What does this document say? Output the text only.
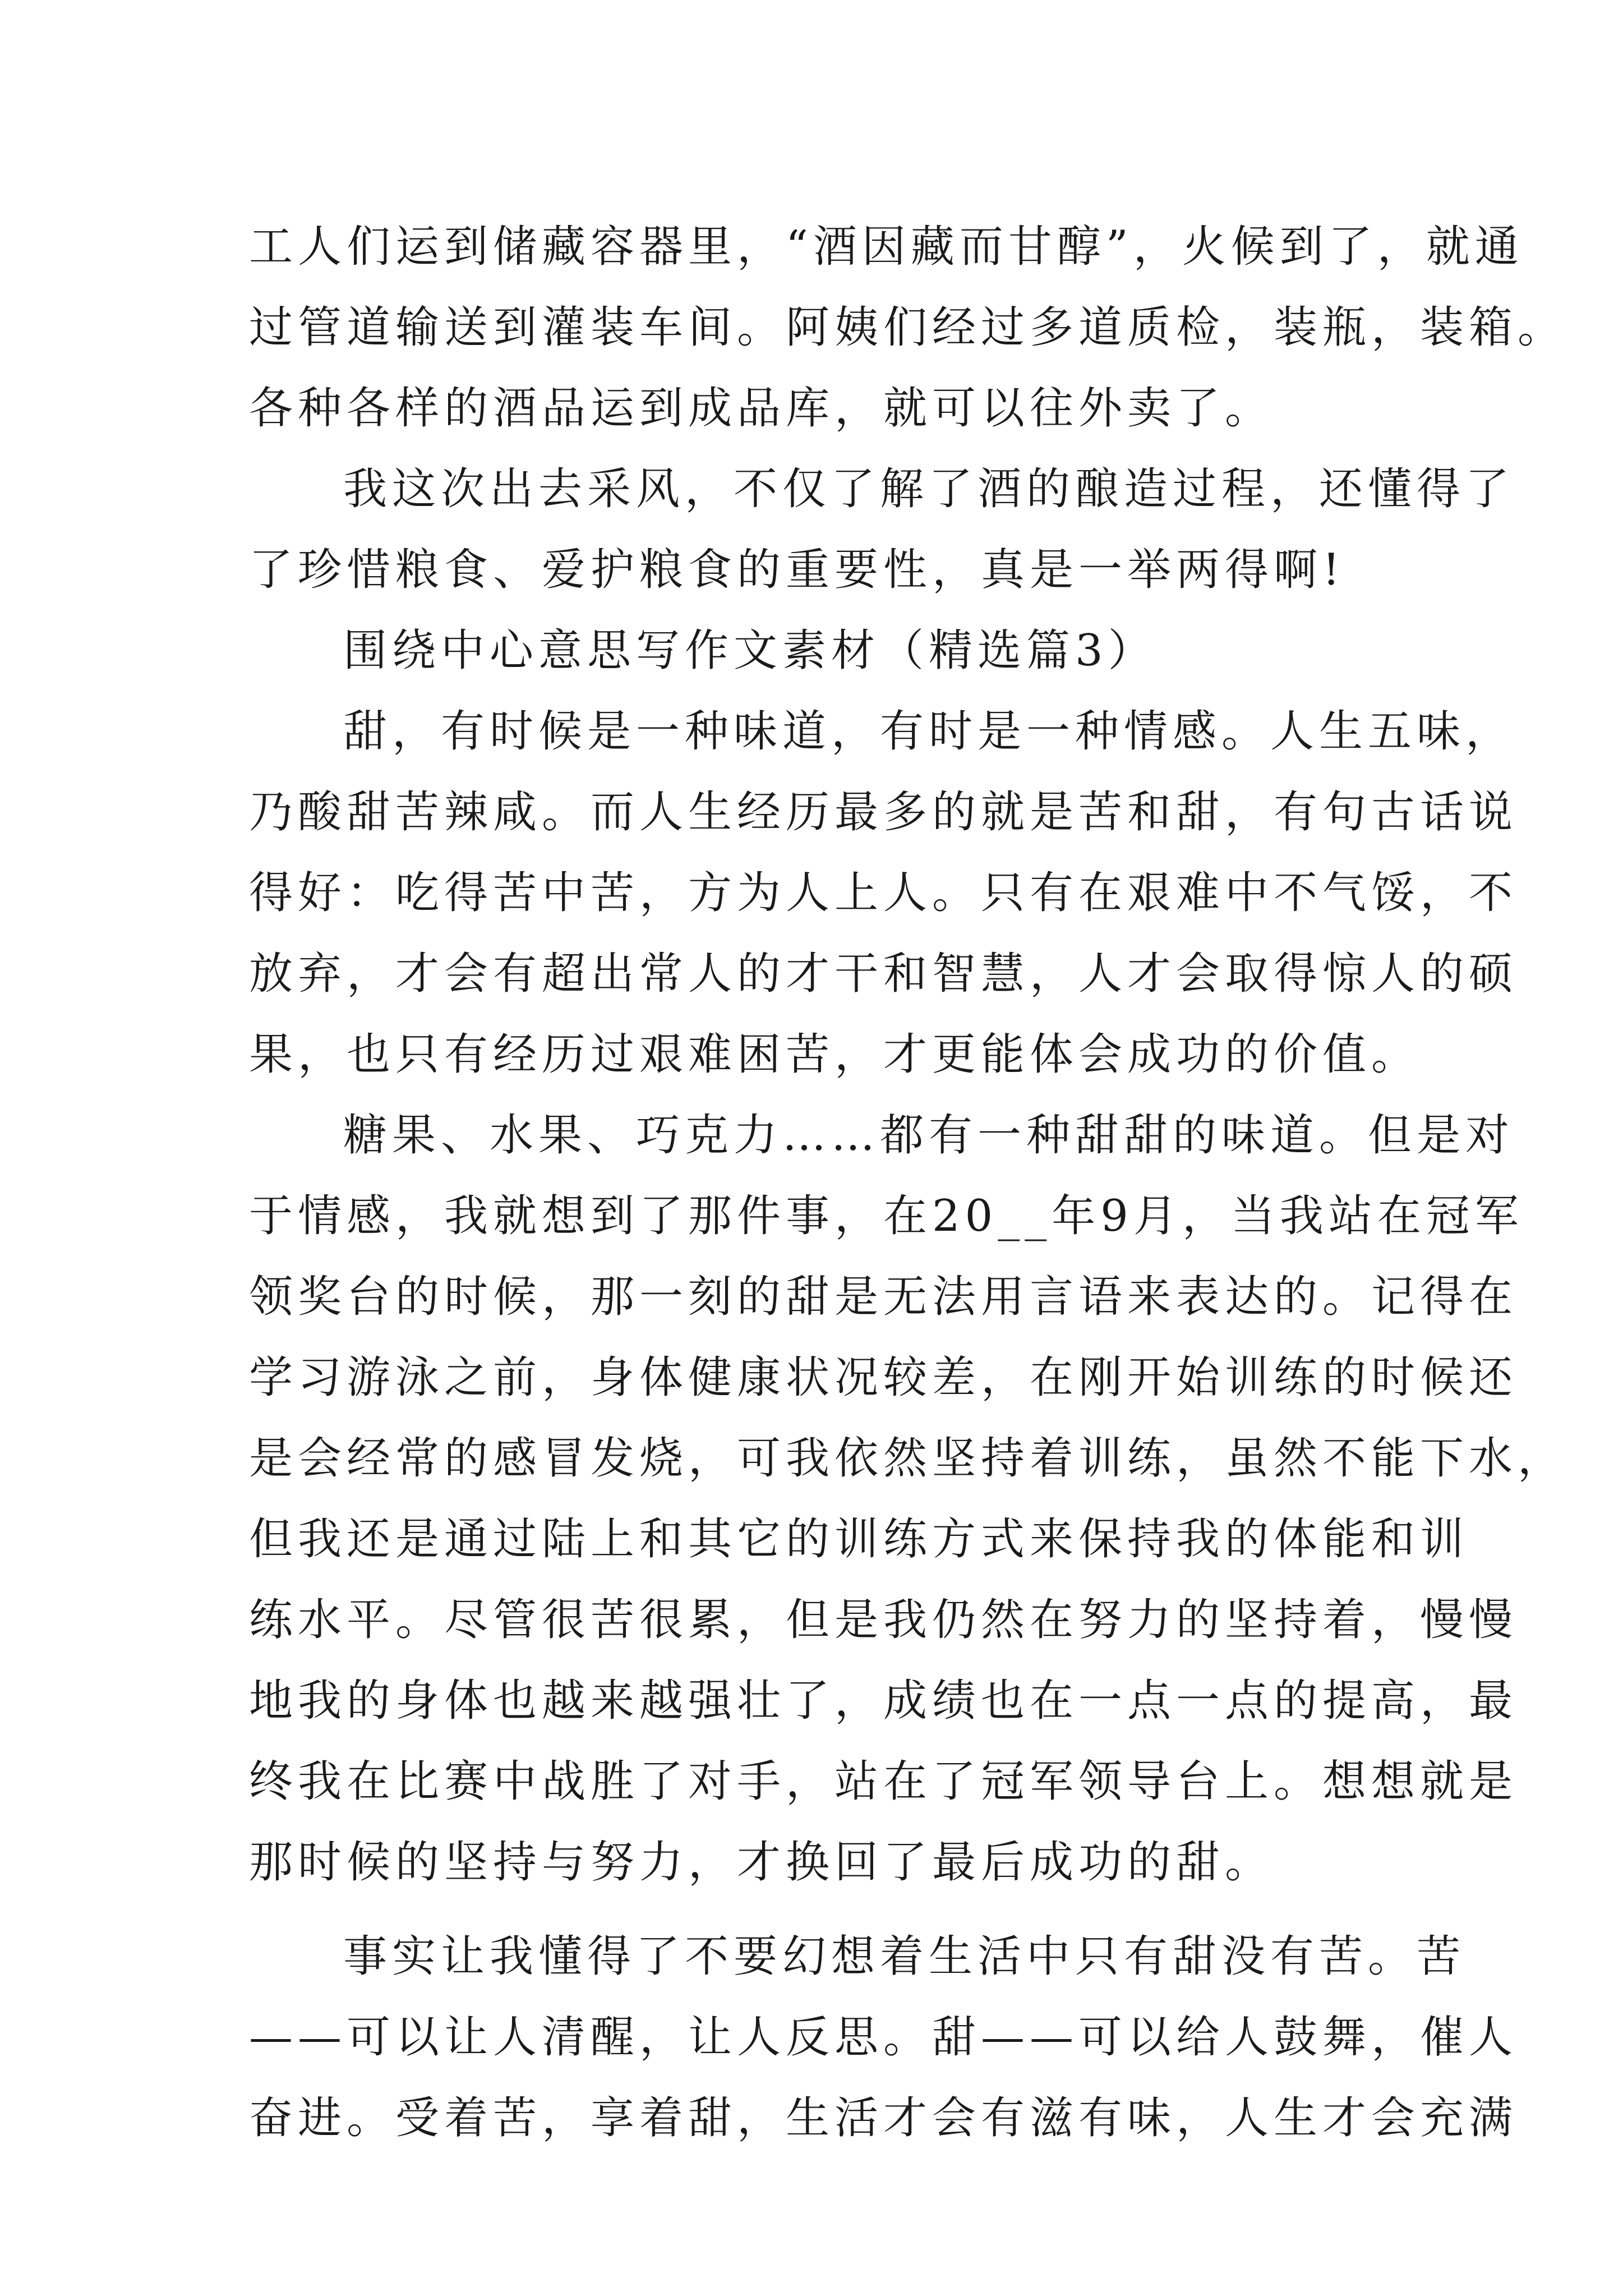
工人们运到储藏容器里，“酒因藏而甘醇”，火候到了，就通
过管道输送到灌装车间。阿姨们经过多道质检，装瓶，装箱。
各种各样的酒品运到成品库，就可以往外卖了。
我这次出去采风，不仅了解了酒的酿造过程，还懂得了
了珍惜粮食、爱护粮食的重要性，真是一举两得啊!
围绕中心意思写作文素材（精选篇3）
甜，有时候是一种味道，有时是一种情感。人生五味，
乃酸甜苦辣咸。而人生经历最多的就是苦和甜，有句古话说
得好：吃得苦中苦，方为人上人。只有在艰难中不气馁，不
放弃，才会有超出常人的才干和智慧，人才会取得惊人的硕
果，也只有经历过艰难困苦，才更能体会成功的价值。
糖果、水果、巧克力……都有一种甜甜的味道。但是对
于情感，我就想到了那件事，在20__年9月，当我站在冠军
领奖台的时候，那一刻的甜是无法用言语来表达的。记得在
学习游泳之前，身体健康状况较差，在刚开始训练的时候还
是会经常的感冒发烧，可我依然坚持着训练，虽然不能下水，
但我还是通过陆上和其它的训练方式来保持我的体能和训
练水平。尽管很苦很累，但是我仍然在努力的坚持着，慢慢
地我的身体也越来越强壮了，成绩也在一点一点的提高，最
终我在比赛中战胜了对手，站在了冠军领导台上。想想就是
那时候的坚持与努力，才换回了最后成功的甜。
事实让我懂得了不要幻想着生活中只有甜没有苦。苦
——可以让人清醒，让人反思。甜——可以给人鼓舞，催人
奋进。受着苦，享着甜，生活才会有滋有味，人生才会充满
